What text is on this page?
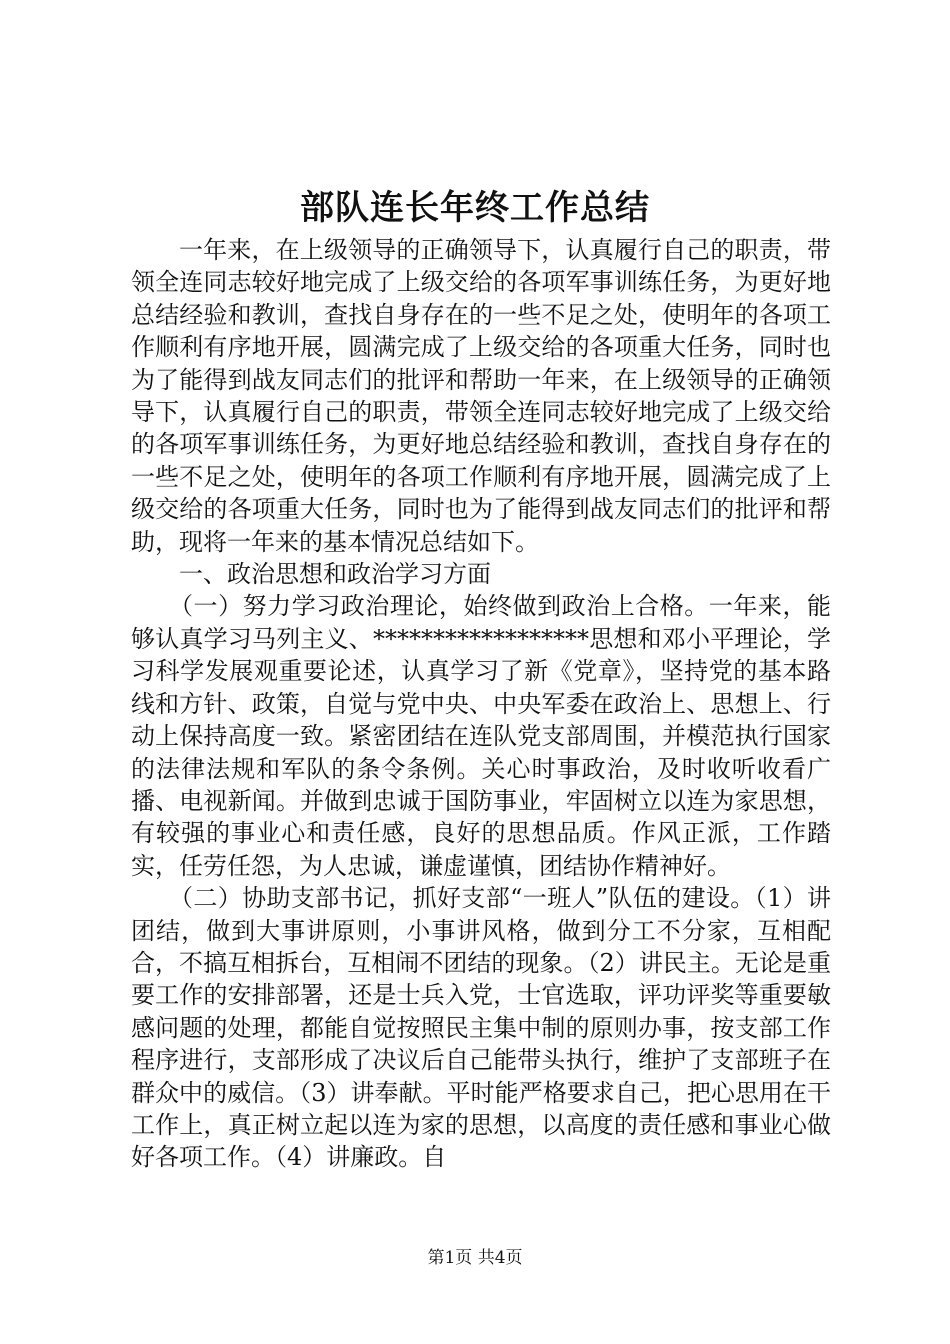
部队连长年终工作总结

一年来，在上级领导的正确领导下，认真履行自己的职责，带领全连同志较好地完成了上级交给的各项军事训练任务，为更好地总结经验和教训，查找自身存在的一些不足之处，使明年的各项工作顺利有序地开展，圆满完成了上级交给的各项重大任务，同时也为了能得到战友同志们的批评和帮助一年来，在上级领导的正确领导下，认真履行自己的职责，带领全连同志较好地完成了上级交给的各项军事训练任务，为更好地总结经验和教训，查找自身存在的一些不足之处，使明年的各项工作顺利有序地开展，圆满完成了上级交给的各项重大任务，同时也为了能得到战友同志们的批评和帮助，现将一年来的基本情况总结如下。

一、政治思想和政治学习方面

（一）努力学习政治理论，始终做到政治上合格。一年来，能够认真学习马列主义、******************思想和邓小平理论，学习科学发展观重要论述，认真学习了新《党章》，坚持党的基本路线和方针、政策，自觉与党中央、中央军委在政治上、思想上、行动上保持高度一致。紧密团结在连队党支部周围，并模范执行国家的法律法规和军队的条令条例。关心时事政治，及时收听收看广播、电视新闻。并做到忠诚于国防事业，牢固树立以连为家思想，有较强的事业心和责任感，良好的思想品质。作风正派，工作踏实，任劳任怨，为人忠诚，谦虚谨慎，团结协作精神好。

（二）协助支部书记，抓好支部“一班人”队伍的建设。（1）讲团结，做到大事讲原则，小事讲风格，做到分工不分家，互相配合，不搞互相拆台，互相闹不团结的现象。（2）讲民主。无论是重要工作的安排部署，还是士兵入党，士官选取，评功评奖等重要敏感问题的处理，都能自觉按照民主集中制的原则办事，按支部工作程序进行，支部形成了决议后自己能带头执行，维护了支部班子在群众中的威信。（3）讲奉献。平时能严格要求自己，把心思用在干工作上，真正树立起以连为家的思想，以高度的责任感和事业心做好各项工作。（4）讲廉政。自

第1页 共4页
